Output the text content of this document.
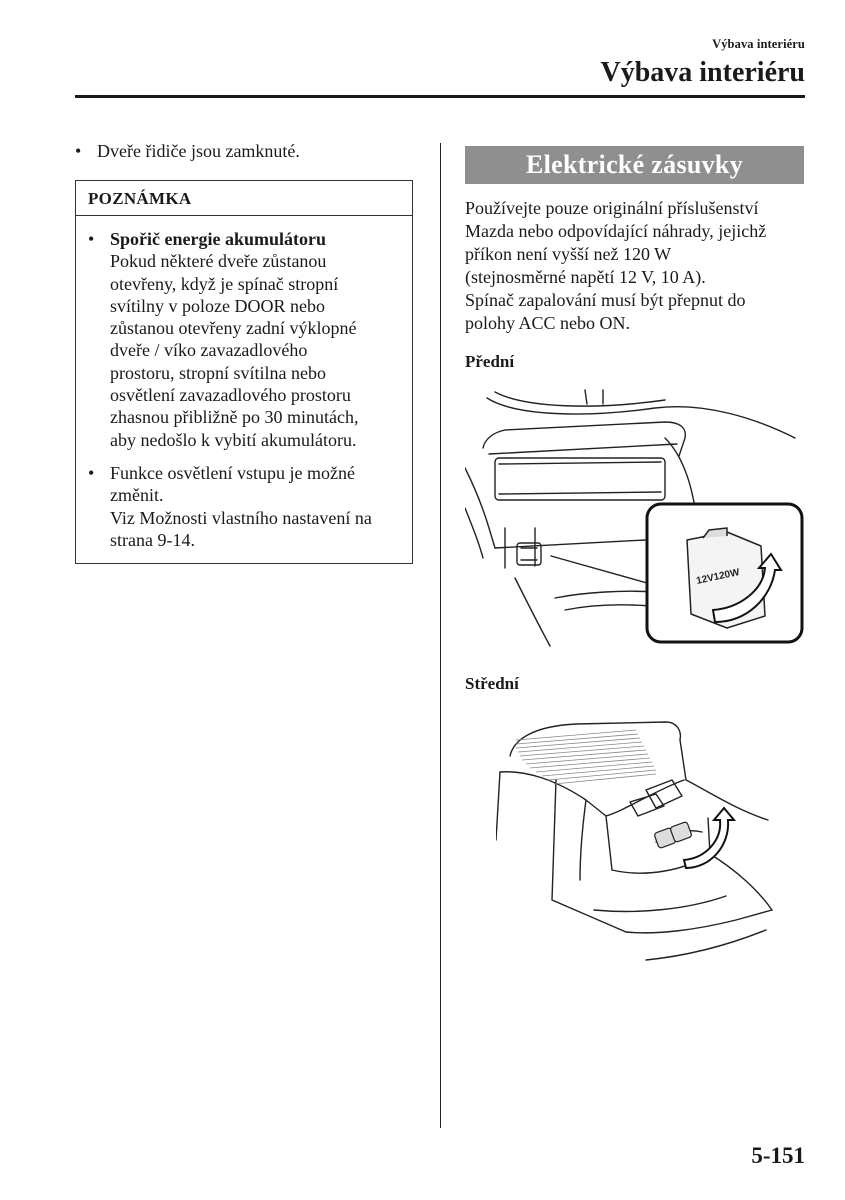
Výbava interiéru
Výbava interiéru
• Dveře řidiče jsou zamknuté.
POZNÁMKA
• Spořič energie akumulátoru
Pokud některé dveře zůstanou
otevřeny, když je spínač stropní
svítilny v poloze DOOR nebo
zůstanou otevřeny zadní výklopné
dveře / víko zavazadlového
prostoru, stropní svítilna nebo
osvětlení zavazadlového prostoru
zhasnou přibližně po 30 minutách,
aby nedošlo k vybití akumulátoru.
• Funkce osvětlení vstupu je možné
změnit.
Viz Možnosti vlastního nastavení na
strana 9-14.
Elektrické zásuvky
Používejte pouze originální příslušenství
Mazda nebo odpovídající náhrady, jejichž
příkon není vyšší než 120 W
(stejnosměrné napětí 12 V, 10 A).
Spínač zapalování musí být přepnut do
polohy ACC nebo ON.
Přední
12V120W
Střední
5-151
